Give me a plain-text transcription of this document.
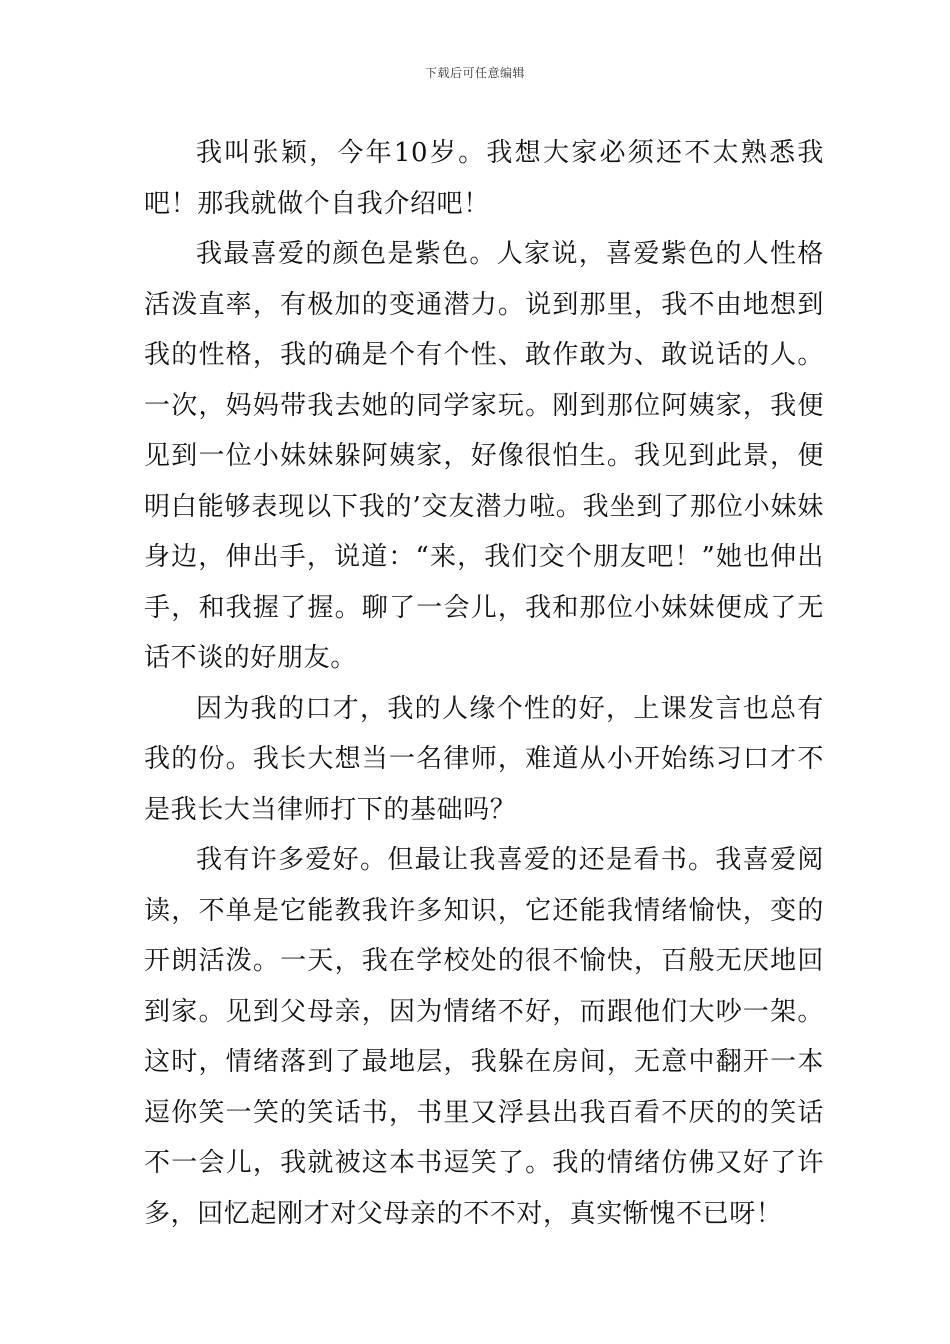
下载后可任意编辑

我叫张颖，今年10岁。我想大家必须还不太熟悉我吧！那我就做个自我介绍吧！

我最喜爱的颜色是紫色。人家说，喜爱紫色的人性格活泼直率，有极加的变通潜力。说到那里，我不由地想到我的性格，我的确是个有个性、敢作敢为、敢说话的人。一次，妈妈带我去她的同学家玩。刚到那位阿姨家，我便见到一位小妹妹躲阿姨家，好像很怕生。我见到此景，便明白能够表现以下我的’交友潜力啦。我坐到了那位小妹妹身边，伸出手，说道：“来，我们交个朋友吧！”她也伸出手，和我握了握。聊了一会儿，我和那位小妹妹便成了无话不谈的好朋友。

因为我的口才，我的人缘个性的好，上课发言也总有我的份。我长大想当一名律师，难道从小开始练习口才不是我长大当律师打下的基础吗？

我有许多爱好。但最让我喜爱的还是看书。我喜爱阅读，不单是它能教我许多知识，它还能我情绪愉快，变的开朗活泼。一天，我在学校处的很不愉快，百般无厌地回到家。见到父母亲，因为情绪不好，而跟他们大吵一架。这时，情绪落到了最地层，我躲在房间，无意中翻开一本逗你笑一笑的笑话书，书里又浮县出我百看不厌的的笑话不一会儿，我就被这本书逗笑了。我的情绪仿佛又好了许多，回忆起刚才对父母亲的不不对，真实惭愧不已呀！
